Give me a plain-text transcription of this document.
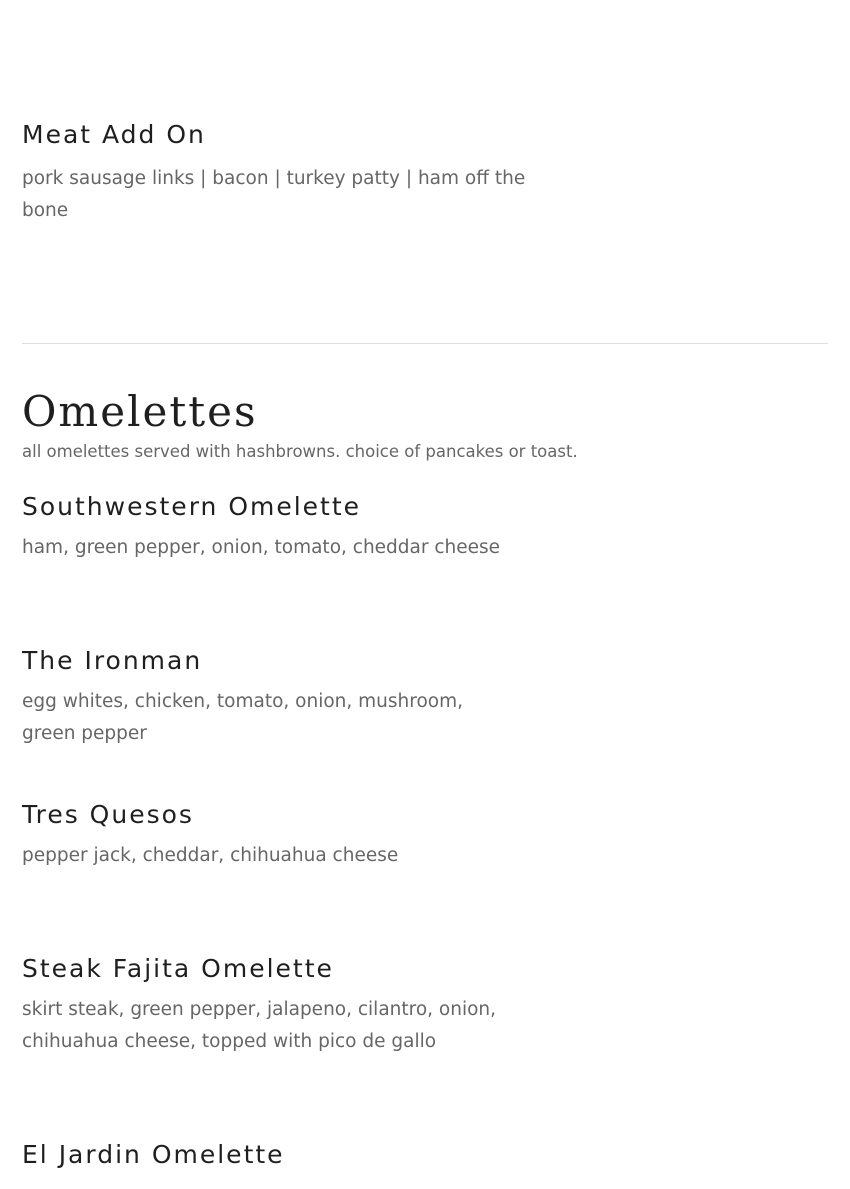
Meat Add On

pork sausage links | bacon | turkey patty | ham off the bone

Omelettes

all omelettes served with hashbrowns. choice of pancakes or toast.

Southwestern Omelette

ham, green pepper, onion, tomato, cheddar cheese

The Ironman

egg whites, chicken, tomato, onion, mushroom, green pepper

Tres Quesos

pepper jack, cheddar, chihuahua cheese

Steak Fajita Omelette

skirt steak, green pepper, jalapeno, cilantro, onion, chihuahua cheese, topped with pico de gallo

El Jardin Omelette
